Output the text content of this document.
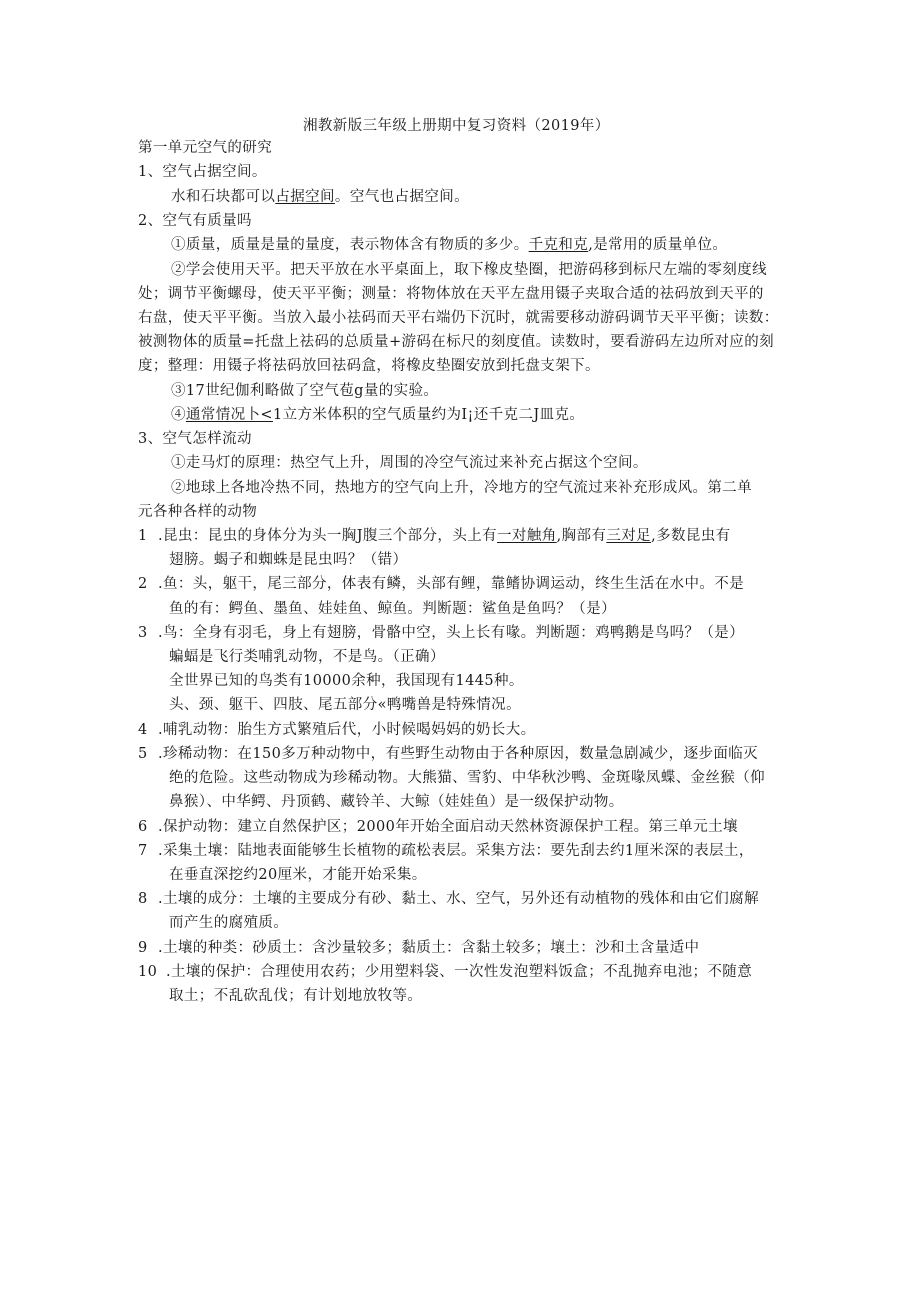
湘教新版三年级上册期中复习资料（2019年）
第一单元空气的研究
1、空气占据空间。
水和石块都可以占据空间。空气也占据空间。
2、空气有质量吗
①质量，质量是量的量度，表示物体含有物质的多少。千克和克,是常用的质量单位。
②学会使用天平。把天平放在水平桌面上，取下橡皮垫圈，把游码移到标尺左端的零刻度线
处；调节平衡螺母，使天平平衡；测量：将物体放在天平左盘用镊子夹取合适的祛码放到天平的
右盘，使天平平衡。当放入最小祛码而天平右端仍下沉时，就需要移动游码调节天平平衡；读数：
被测物体的质量=托盘上祛码的总质量+游码在标尺的刻度值。读数时，要看游码左边所对应的刻
度；整理：用镊子将祛码放回祛码盒，将橡皮垫圈安放到托盘支架下。
③17世纪伽利略做了空气苞g量的实验。
④通常情况卜<1立方米体积的空气质量约为I¡还千克二J皿克。
3、空气怎样流动
①走马灯的原理：热空气上升，周围的冷空气流过来补充占据这个空间。
②地球上各地冷热不同，热地方的空气向上升，冷地方的空气流过来补充形成风。第二单
元各种各样的动物
1 .昆虫：昆虫的身体分为头一胸J腹三个部分，头上有一对触角,胸部有三对足,多数昆虫有
翅膀。蝎子和蜘蛛是昆虫吗？（错）
2 .鱼：头，躯干，尾三部分，体表有鳞，头部有鲤，靠鳍协调运动，终生生活在水中。不是
鱼的有：鳄鱼、墨鱼、娃娃鱼、鲸鱼。判断题：鲨鱼是鱼吗？（是）
3 .鸟：全身有羽毛，身上有翅膀，骨骼中空，头上长有喙。判断题：鸡鸭鹅是鸟吗？（是）
蝙蝠是飞行类哺乳动物，不是鸟。（正确）
全世界已知的鸟类有10000余种，我国现有1445种。
头、颈、躯干、四肢、尾五部分«鸭嘴兽是特殊情况。
4 .哺乳动物：胎生方式繁殖后代，小时候喝妈妈的奶长大。
5 .珍稀动物：在150多万种动物中，有些野生动物由于各种原因，数量急剧减少，逐步面临灭
绝的危险。这些动物成为珍稀动物。大熊猫、雪豹、中华秋沙鸭、金斑喙凤蝶、金丝猴（仰
鼻猴）、中华鳄、丹顶鹤、藏铃羊、大鲸（娃娃鱼）是一级保护动物。
6 .保护动物：建立自然保护区；2000年开始全面启动天然林资源保护工程。第三单元土壤
7 .采集土壤：陆地表面能够生长植物的疏松表层。采集方法：要先刮去约1厘米深的表层土，
在垂直深挖约20厘米，才能开始采集。
8 .土壤的成分：土壤的主要成分有砂、黏土、水、空气，另外还有动植物的残体和由它们腐解
而产生的腐殖质。
9 .土壤的种类：砂质土：含沙量较多；黏质土：含黏土较多；壤土：沙和土含量适中
10 .土壤的保护：合理使用农药；少用塑料袋、一次性发泡塑料饭盒；不乱抛弃电池；不随意
取土；不乱砍乱伐；有计划地放牧等。
